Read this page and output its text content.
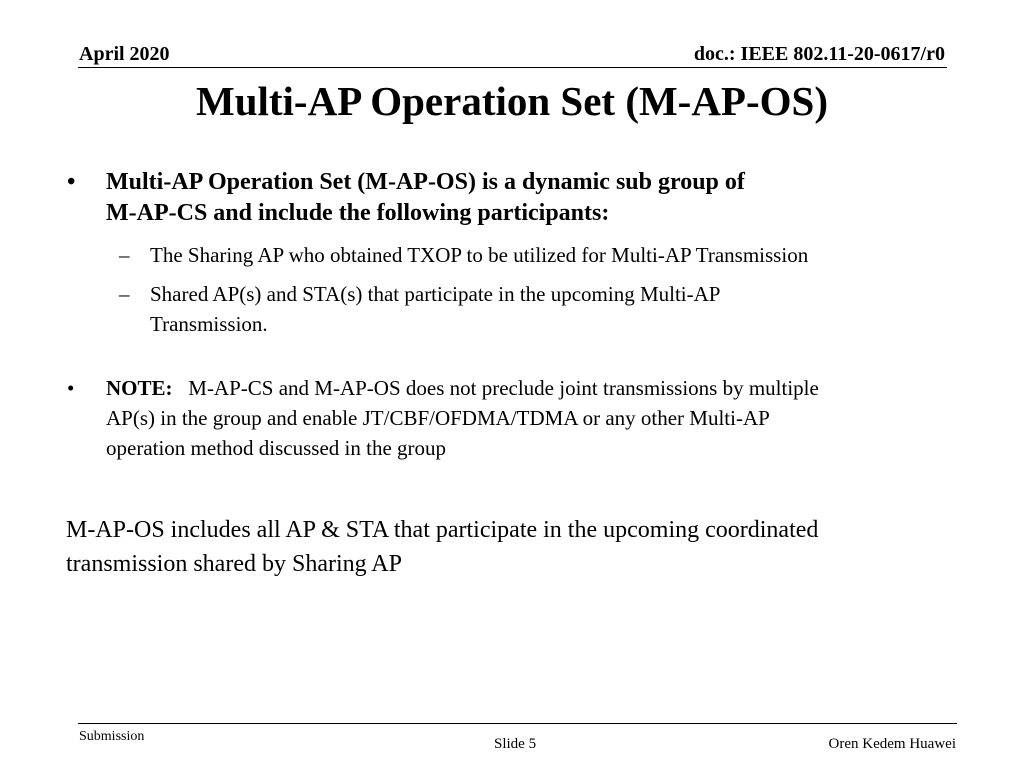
April 2020	doc.: IEEE 802.11-20-0617/r0
Multi-AP Operation Set (M-AP-OS)
• Multi-AP Operation Set (M-AP-OS) is a dynamic sub group of
M-AP-CS and include the following participants:
– The Sharing AP who obtained TXOP to be utilized for Multi-AP Transmission
– Shared AP(s) and STA(s) that participate in the upcoming Multi-AP
Transmission.
• NOTE: M-AP-CS and M-AP-OS does not preclude joint transmissions by multiple
AP(s) in the group and enable JT/CBF/OFDMA/TDMA or any other Multi-AP
operation method discussed in the group
M-AP-OS includes all AP & STA that participate in the upcoming coordinated
transmission shared by Sharing AP
Submission	Slide 5	Oren Kedem Huawei
